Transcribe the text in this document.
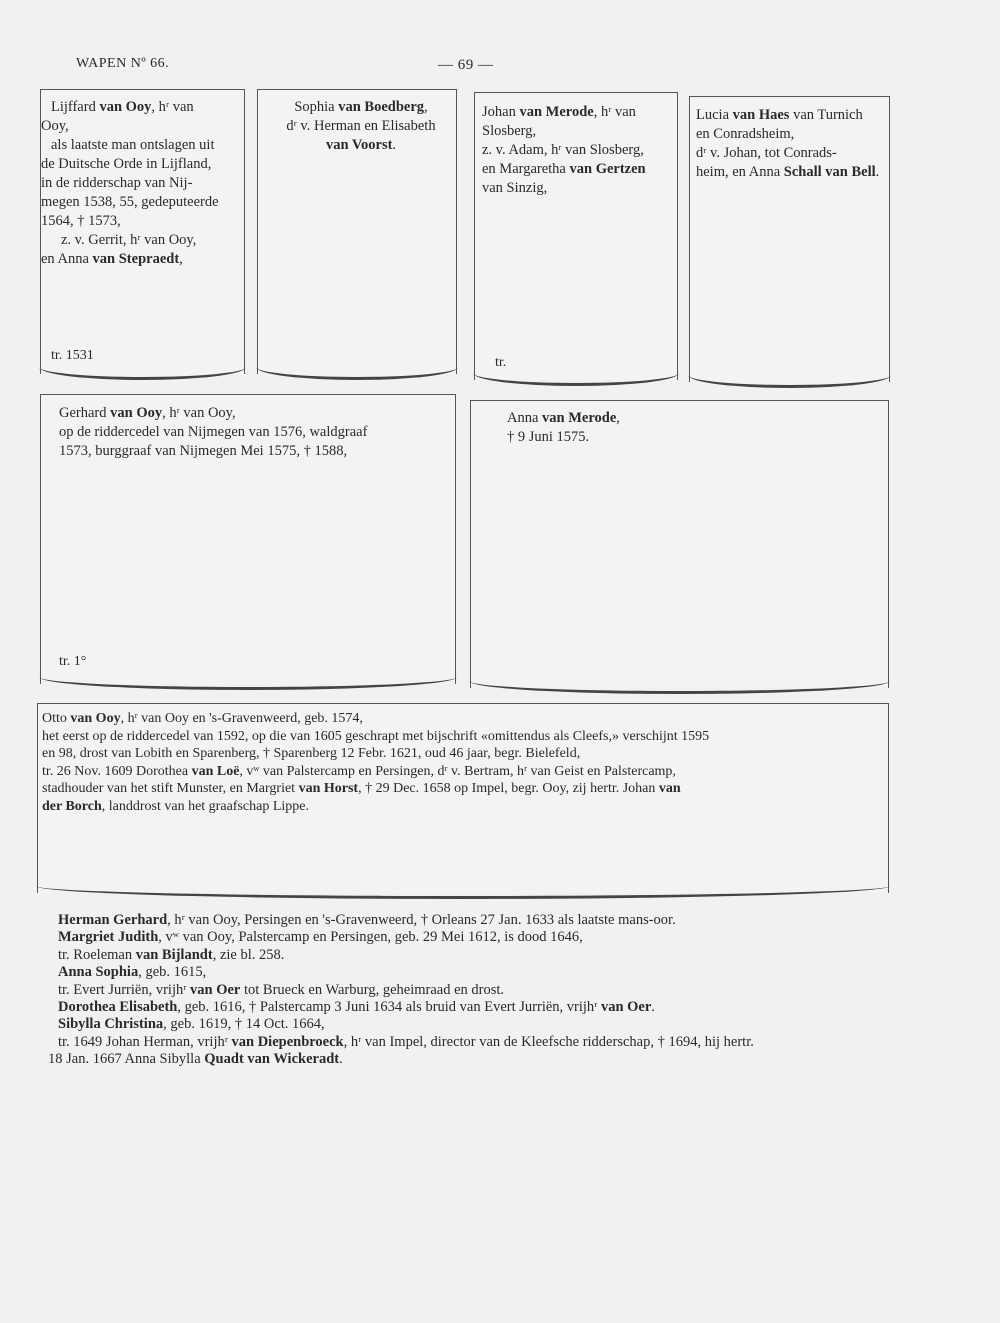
WAPEN Nº 66.	— 69 —
Lijffard van Ooy, hʳ van
Ooy,
als laatste man ontslagen uit
de Duitsche Orde in Lijfland,
in de ridderschap van Nij-
megen 1538, 55, gedeputeerde
1564, † 1573,
z. v. Gerrit, hʳ van Ooy,
en Anna van Stepraedt,
tr. 1531
Sophia van Boedberg,
dʳ v. Herman en Elisabeth
van Voorst.
Johan van Merode, hʳ van
Slosberg,
z. v. Adam, hʳ van Slosberg,
en Margaretha van Gertzen
van Sinzig,
tr.
Lucia van Haes van Turnich
en Conradsheim,
dʳ v. Johan, tot Conrads-
heim, en Anna Schall van Bell.
Gerhard van Ooy, hʳ van Ooy,
op de riddercedel van Nijmegen van 1576, waldgraaf
1573, burggraaf van Nijmegen Mei 1575, † 1588,
tr. 1°
Anna van Merode,
† 9 Juni 1575.
Otto van Ooy, hʳ van Ooy en 's-Gravenweerd, geb. 1574,
het eerst op de riddercedel van 1592, op die van 1605 geschrapt met bijschrift «omittendus als Cleefs,» verschijnt 1595
en 98, drost van Lobith en Sparenberg, † Sparenberg 12 Febr. 1621, oud 46 jaar, begr. Bielefeld,
tr. 26 Nov. 1609 Dorothea van Loë, vʷ van Palstercamp en Persingen, dʳ v. Bertram, hʳ van Geist en Palstercamp,
stadhouder van het stift Munster, en Margriet van Horst, † 29 Dec. 1658 op Impel, begr. Ooy, zij hertr. Johan van
der Borch, landdrost van het graafschap Lippe.
Herman Gerhard, hʳ van Ooy, Persingen en 's-Gravenweerd, † Orleans 27 Jan. 1633 als laatste mans-oor.
Margriet Judith, vʷ van Ooy, Palstercamp en Persingen, geb. 29 Mei 1612, is dood 1646,
tr. Roeleman van Bijlandt, zie bl. 258.
Anna Sophia, geb. 1615,
tr. Evert Jurriën, vrijhʳ van Oer tot Brueck en Warburg, geheimraad en drost.
Dorothea Elisabeth, geb. 1616, † Palstercamp 3 Juni 1634 als bruid van Evert Jurriën, vrijhʳ van Oer.
Sibylla Christina, geb. 1619, † 14 Oct. 1664,
tr. 1649 Johan Herman, vrijhʳ van Diepenbroeck, hʳ van Impel, director van de Kleefsche ridderschap, † 1694, hij hertr.
18 Jan. 1667 Anna Sibylla Quadt van Wickeradt.
